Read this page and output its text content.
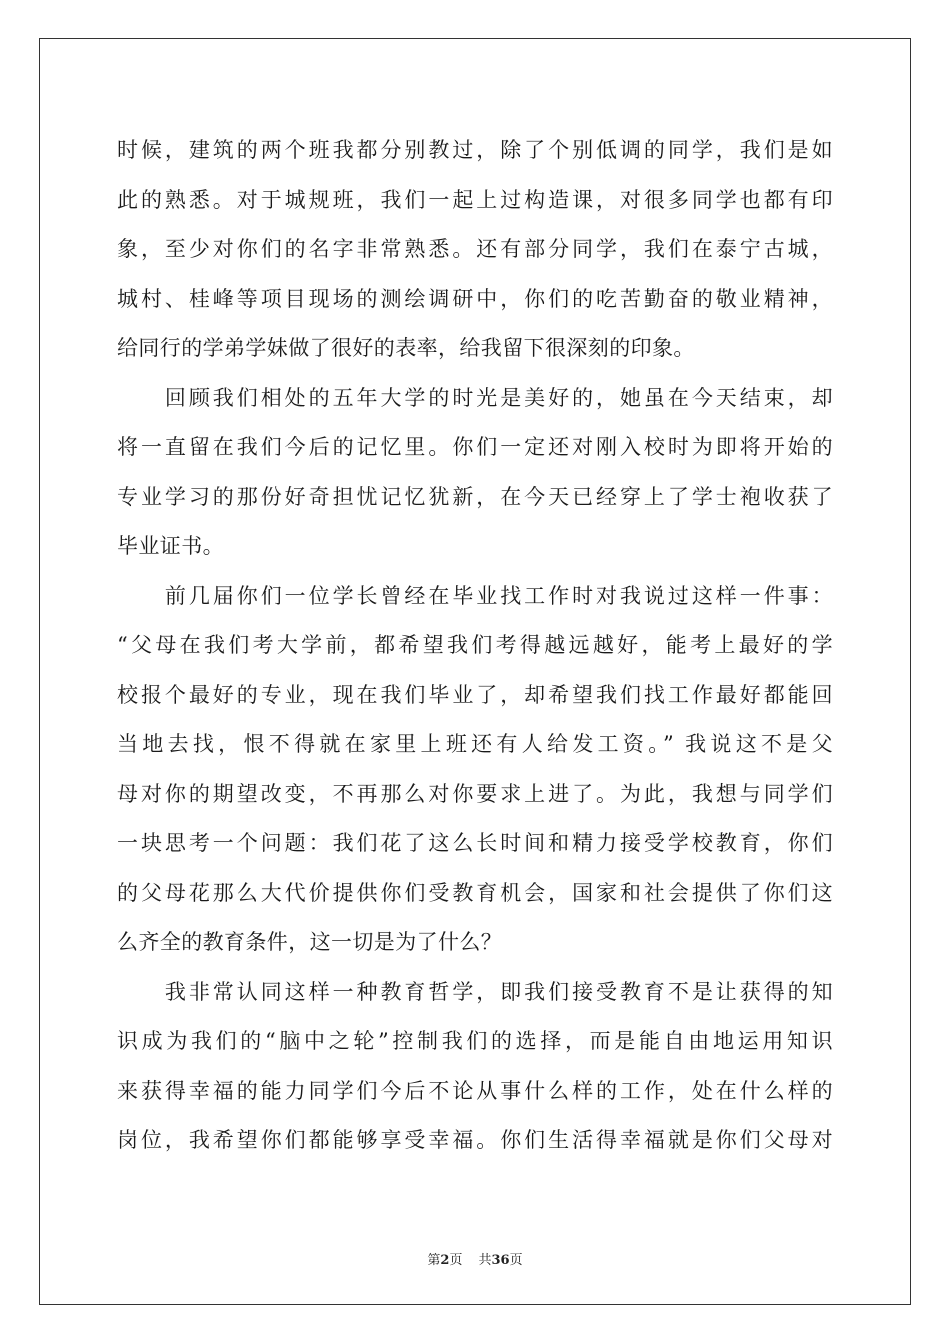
时候，建筑的两个班我都分别教过，除了个别低调的同学，我们是如
此的熟悉。对于城规班，我们一起上过构造课，对很多同学也都有印
象，至少对你们的名字非常熟悉。还有部分同学，我们在泰宁古城，
城村、桂峰等项目现场的测绘调研中，你们的吃苦勤奋的敬业精神，
给同行的学弟学妹做了很好的表率，给我留下很深刻的印象。
　　回顾我们相处的五年大学的时光是美好的，她虽在今天结束，却
将一直留在我们今后的记忆里。你们一定还对刚入校时为即将开始的
专业学习的那份好奇担忧记忆犹新，在今天已经穿上了学士袍收获了
毕业证书。
　　前几届你们一位学长曾经在毕业找工作时对我说过这样一件事：
“父母在我们考大学前，都希望我们考得越远越好，能考上最好的学
校报个最好的专业，现在我们毕业了，却希望我们找工作最好都能回
当地去找，恨不得就在家里上班还有人给发工资。” 我说这不是父
母对你的期望改变，不再那么对你要求上进了。为此，我想与同学们
一块思考一个问题：我们花了这么长时间和精力接受学校教育，你们
的父母花那么大代价提供你们受教育机会，国家和社会提供了你们这
么齐全的教育条件，这一切是为了什么？
　　我非常认同这样一种教育哲学，即我们接受教育不是让获得的知
识成为我们的“脑中之轮”控制我们的选择，而是能自由地运用知识
来获得幸福的能力同学们今后不论从事什么样的工作，处在什么样的
岗位，我希望你们都能够享受幸福。你们生活得幸福就是你们父母对
第2页 共36页
